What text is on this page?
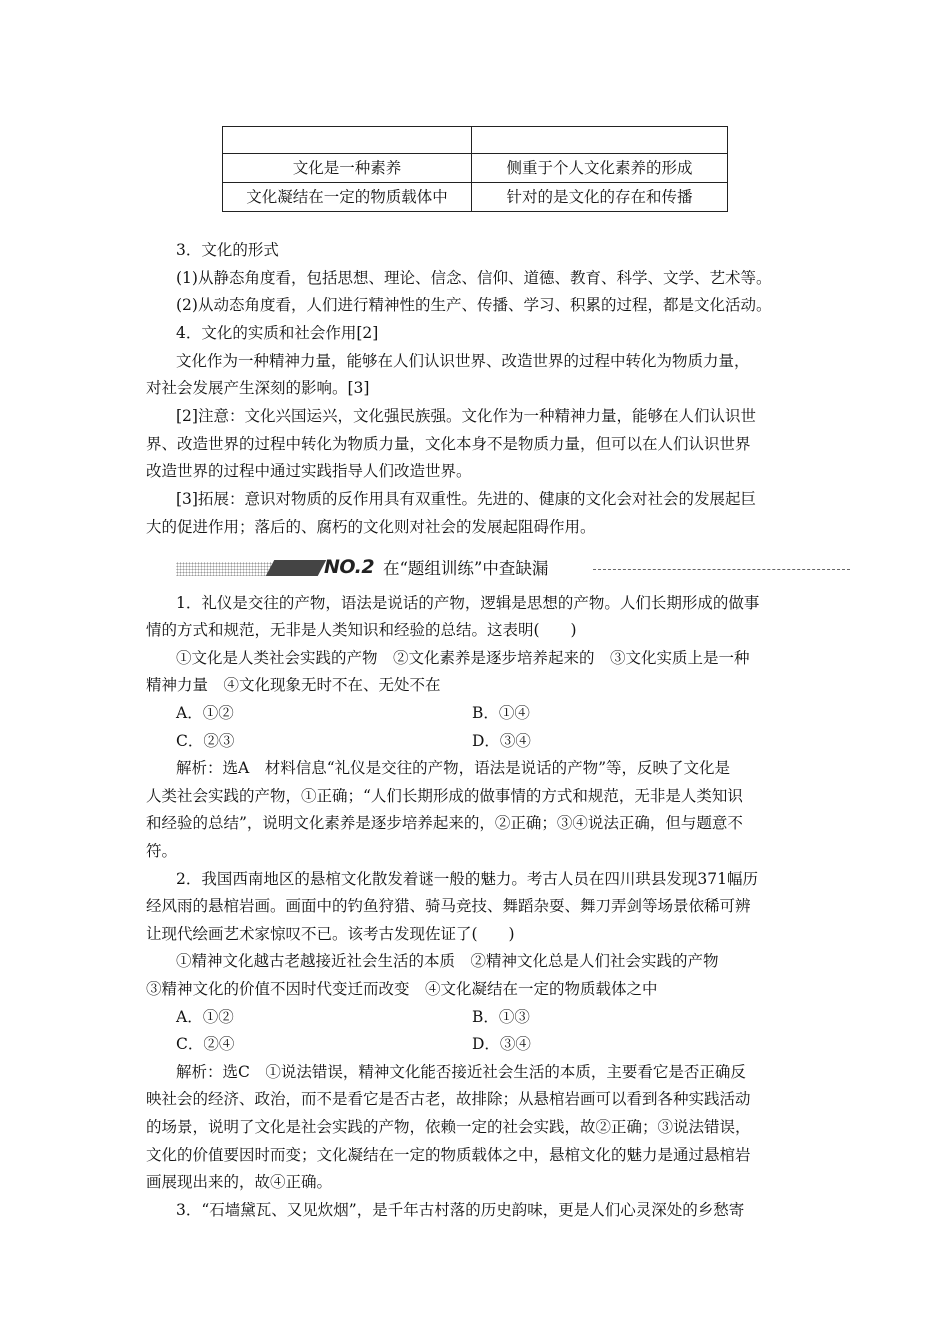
文化是一种素养	侧重于个人文化素养的形成
文化凝结在一定的物质载体中	针对的是文化的存在和传播
3．文化的形式
(1)从静态角度看，包括思想、理论、信念、信仰、道德、教育、科学、文学、艺术等。
(2)从动态角度看，人们进行精神性的生产、传播、学习、积累的过程，都是文化活动。
4．文化的实质和社会作用[2]
文化作为一种精神力量，能够在人们认识世界、改造世界的过程中转化为物质力量，
对社会发展产生深刻的影响。[3]
[2]注意：文化兴国运兴，文化强民族强。文化作为一种精神力量，能够在人们认识世
界、改造世界的过程中转化为物质力量，文化本身不是物质力量，但可以在人们认识世界
改造世界的过程中通过实践指导人们改造世界。
[3]拓展：意识对物质的反作用具有双重性。先进的、健康的文化会对社会的发展起巨
大的促进作用；落后的、腐朽的文化则对社会的发展起阻碍作用。
NO.2 在“题组训练”中查缺漏
1．礼仪是交往的产物，语法是说话的产物，逻辑是思想的产物。人们长期形成的做事
情的方式和规范，无非是人类知识和经验的总结。这表明(　　)
①文化是人类社会实践的产物　②文化素养是逐步培养起来的　③文化实质上是一种
精神力量　④文化现象无时不在、无处不在
A．①②	B．①④
C．②③	D．③④
解析：选A　材料信息“礼仪是交往的产物，语法是说话的产物”等，反映了文化是
人类社会实践的产物，①正确；“人们长期形成的做事情的方式和规范，无非是人类知识
和经验的总结”，说明文化素养是逐步培养起来的，②正确；③④说法正确，但与题意不
符。
2．我国西南地区的悬棺文化散发着谜一般的魅力。考古人员在四川珙县发现371幅历
经风雨的悬棺岩画。画面中的钓鱼狩猎、骑马竞技、舞蹈杂耍、舞刀弄剑等场景依稀可辨
让现代绘画艺术家惊叹不已。该考古发现佐证了(　　)
①精神文化越古老越接近社会生活的本质　②精神文化总是人们社会实践的产物
③精神文化的价值不因时代变迁而改变　④文化凝结在一定的物质载体之中
A．①②	B．①③
C．②④	D．③④
解析：选C　①说法错误，精神文化能否接近社会生活的本质，主要看它是否正确反
映社会的经济、政治，而不是看它是否古老，故排除；从悬棺岩画可以看到各种实践活动
的场景，说明了文化是社会实践的产物，依赖一定的社会实践，故②正确；③说法错误，
文化的价值要因时而变；文化凝结在一定的物质载体之中，悬棺文化的魅力是通过悬棺岩
画展现出来的，故④正确。
3．“石墙黛瓦、又见炊烟”，是千年古村落的历史韵味，更是人们心灵深处的乡愁寄
